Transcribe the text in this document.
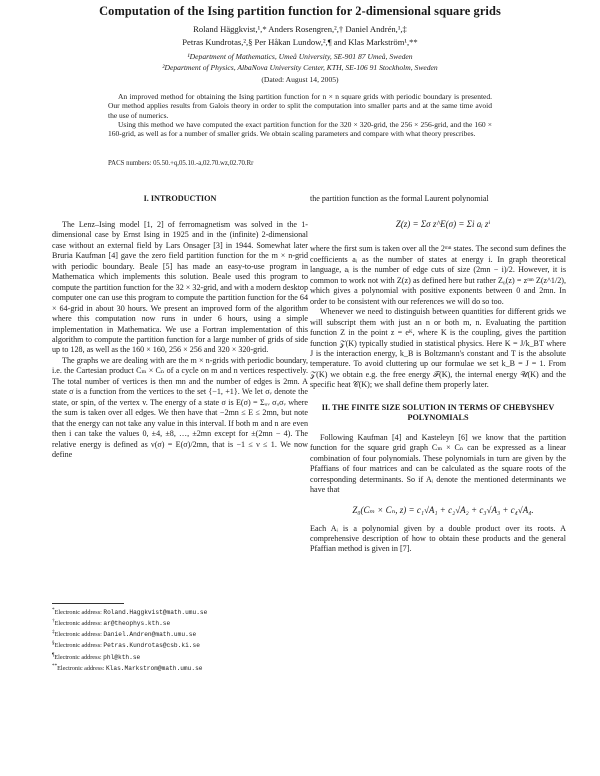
Computation of the Ising partition function for 2-dimensional square grids
Roland Häggkvist,¹,* Anders Rosengren,²,† Daniel Andrén,¹,‡
Petras Kundrotas,²,§ Per Håkan Lundow,²,¶ and Klas Markström¹,**
¹Department of Mathematics, Umeå University, SE-901 87 Umeå, Sweden
²Department of Physics, AlbaNova University Center, KTH, SE-106 91 Stockholm, Sweden
(Dated: August 14, 2005)

An improved method for obtaining the Ising partition function for n × n square grids with periodic boundary is presented. Our method applies results from Galois theory in order to split the computation into smaller parts and at the same time avoid the use of numerics.

Using this method we have computed the exact partition function for the 320 × 320-grid, the 256 × 256-grid, and the 160 × 160-grid, as well as for a number of smaller grids. We obtain scaling parameters and compare with what theory prescribes.

PACS numbers: 05.50.+q,05.10.-a,02.70.wz,02.70.Rr

I. INTRODUCTION

The Lenz–Ising model [1, 2] of ferromagnetism was solved in the 1-dimensional case by Ernst Ising in 1925 and in the (infinite) 2-dimensional case without an external field by Lars Onsager [3] in 1944. Somewhat later Bruria Kaufman [4] gave the zero field partition function for the m × n-grid with periodic boundary. Beale [5] has made an easy-to-use program in Mathematica which implements this solution. Beale used this program to compute the partition function for the 32 × 32-grid, and with a modern desktop computer one can use this program to compute the partition function for the 64 × 64-grid in about 30 hours. We present an improved form of the algorithm where this computation now runs in under 6 hours, using a simple implementation in Mathematica. We use a Fortran implementation of this algorithm to compute the partition function for a large number of grids of side up to 128, as well as the 160 × 160, 256 × 256 and 320 × 320-grid.

The graphs we are dealing with are the m × n-grids with periodic boundary, i.e. the Cartesian product Cₘ × Cₙ of a cycle on m and n vertices respectively. The total number of vertices is then mn and the number of edges is 2mn. A state σ is a function from the vertices to the set {−1, +1}. We let σᵥ denote the state, or spin, of the vertex v. The energy of a state σ is E(σ) = Σᵤᵥ σᵤσᵥ where the sum is taken over all edges. We then have that −2mn ≤ E ≤ 2mn, but note that the energy can not take any value in this interval. If both m and n are even then i can take the values 0, ±4, ±8, …, ±2mn except for ±(2mn − 4). The relative energy is defined as ν(σ) = E(σ)/2mn, that is −1 ≤ ν ≤ 1. We now define

the partition function as the formal Laurent polynomial

Z(z) = Σσ z^E(σ) = Σi aᵢ zⁱ

where the first sum is taken over all the 2ᵐⁿ states. The second sum defines the coefficients aᵢ as the number of states at energy i. In graph theoretical language, aᵢ is the number of edge cuts of size (2mn − i)/2. However, it is common to work not with Z(z) as defined here but rather Z₀(z) = zᵐⁿ Z(z^1/2), which gives a polynomial with positive exponents between 0 and 2mn. In order to be consistent with our references we will do so too.

Whenever we need to distinguish between quantities for different grids we will subscript them with just an n or both m, n. Evaluating the partition function Z in the point z = eᴷ, where K is the coupling, gives the partition function 𝒵(K) typically studied in statistical physics. Here K = J/k_BT where J is the interaction energy, k_B is Boltzmann's constant and T is the absolute temperature. To avoid cluttering up our formulae we set k_B = J = 1. From 𝒵(K) we obtain e.g. the free energy ℱ(K), the internal energy 𝒰(K) and the specific heat 𝒞(K); we shall define them properly later.

II. THE FINITE SIZE SOLUTION IN TERMS OF CHEBYSHEV POLYNOMIALS

Following Kaufman [4] and Kasteleyn [6] we know that the partition function for the square grid graph Cₘ × Cₙ can be expressed as a linear combination of four polynomials. These polynomials in turn are given by the Pfaffians of four matrices and can be calculated as the square roots of the corresponding determinants. So if Aᵢ denote the mentioned determinants we have that

Z₀(Cₘ × Cₙ, z) = c₁√A₁ + c₂√A₂ + c₃√A₃ + c₄√A₄.

Each Aᵢ is a polynomial given by a double product over its roots. A comprehensive description of how to obtain these products and the general Pfaffian method is given in [7].

*Electronic address: Roland.Haggkvist@math.umu.se

†Electronic address: ar@theophys.kth.se

‡Electronic address: Daniel.Andren@math.umu.se

§Electronic address: Petras.Kundrotas@csb.ki.se

¶Electronic address: phl@kth.se

**Electronic address: Klas.Markstrom@math.umu.se
